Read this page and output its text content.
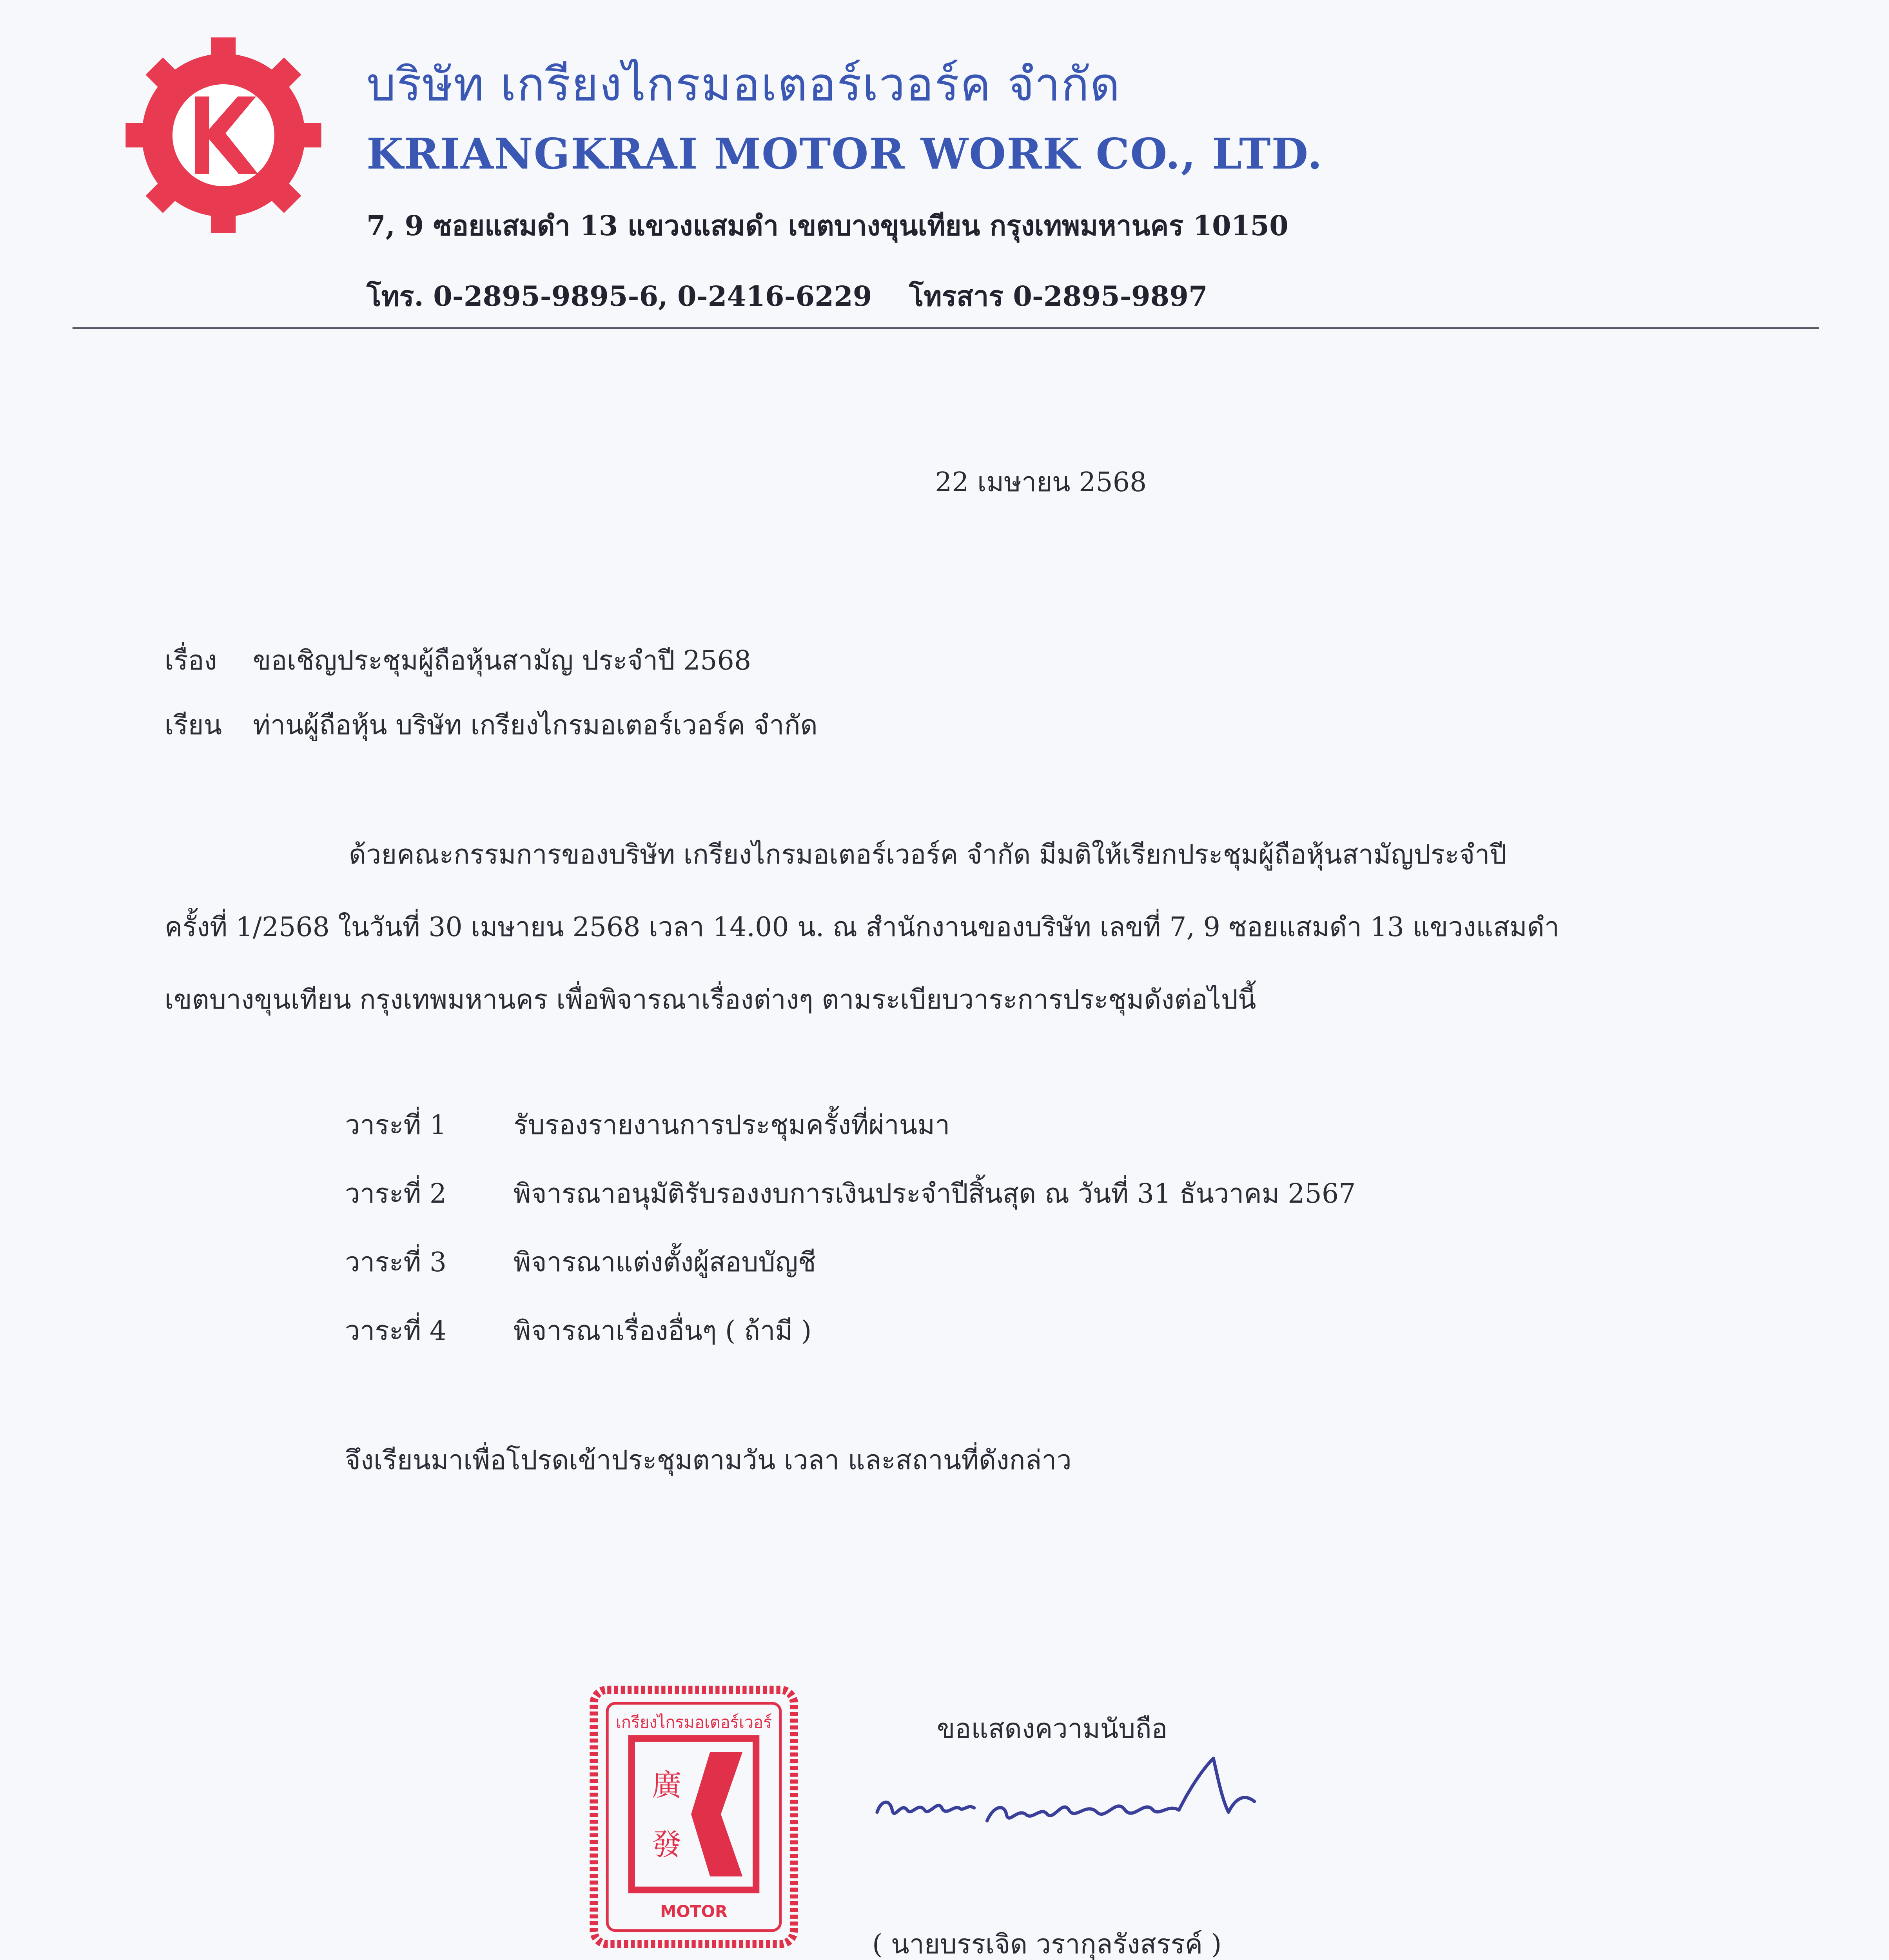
บริษัท เกรียงไกรมอเตอร์เวอร์ค จำกัด
KRIANGKRAI MOTOR WORK CO., LTD.
7, 9 ซอยแสมดำ 13 แขวงแสมดำ เขตบางขุนเทียน กรุงเทพมหานคร 10150
โทร. 0-2895-9895-6, 0-2416-6229 โทรสาร 0-2895-9897
22 เมษายน 2568
เรื่อง ขอเชิญประชุมผู้ถือหุ้นสามัญ ประจำปี 2568
เรียน ท่านผู้ถือหุ้น บริษัท เกรียงไกรมอเตอร์เวอร์ค จำกัด
ด้วยคณะกรรมการของบริษัท เกรียงไกรมอเตอร์เวอร์ค จำกัด มีมติให้เรียกประชุมผู้ถือหุ้นสามัญประจำปี
ครั้งที่ 1/2568 ในวันที่ 30 เมษายน 2568 เวลา 14.00 น. ณ สำนักงานของบริษัท เลขที่ 7, 9 ซอยแสมดำ 13 แขวงแสมดำ
เขตบางขุนเทียน กรุงเทพมหานคร เพื่อพิจารณาเรื่องต่างๆ ตามระเบียบวาระการประชุมดังต่อไปนี้
วาระที่ 1	รับรองรายงานการประชุมครั้งที่ผ่านมา
วาระที่ 2	พิจารณาอนุมัติรับรองงบการเงินประจำปีสิ้นสุด ณ วันที่ 31 ธันวาคม 2567
วาระที่ 3	พิจารณาแต่งตั้งผู้สอบบัญชี
วาระที่ 4	พิจารณาเรื่องอื่นๆ ( ถ้ามี )
จึงเรียนมาเพื่อโปรดเข้าประชุมตามวัน เวลา และสถานที่ดังกล่าว
廣
發
เกรียงไกรมอเตอร์เวอร์
MOTOR
ขอแสดงความนับถือ
( นายบรรเจิด วรากุลรังสรรค์ )
